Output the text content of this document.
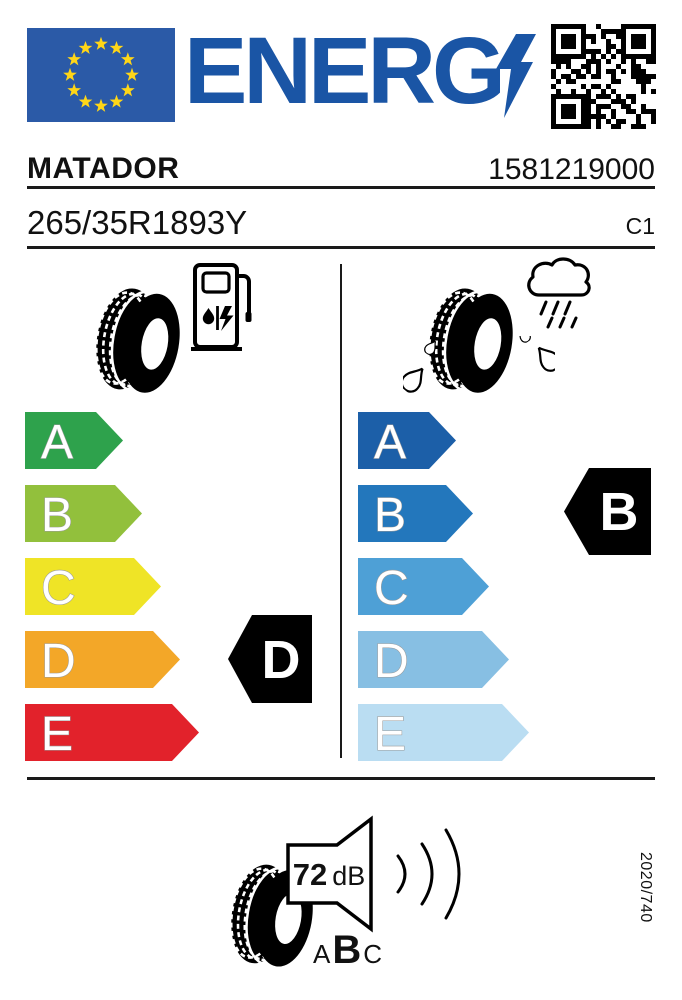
ENERG
MATADOR	1581219000
265/35R1893Y	C1
A
B
C
D
E
D
A
B
C
D
E
B
72 dB
A B C
2020/740
